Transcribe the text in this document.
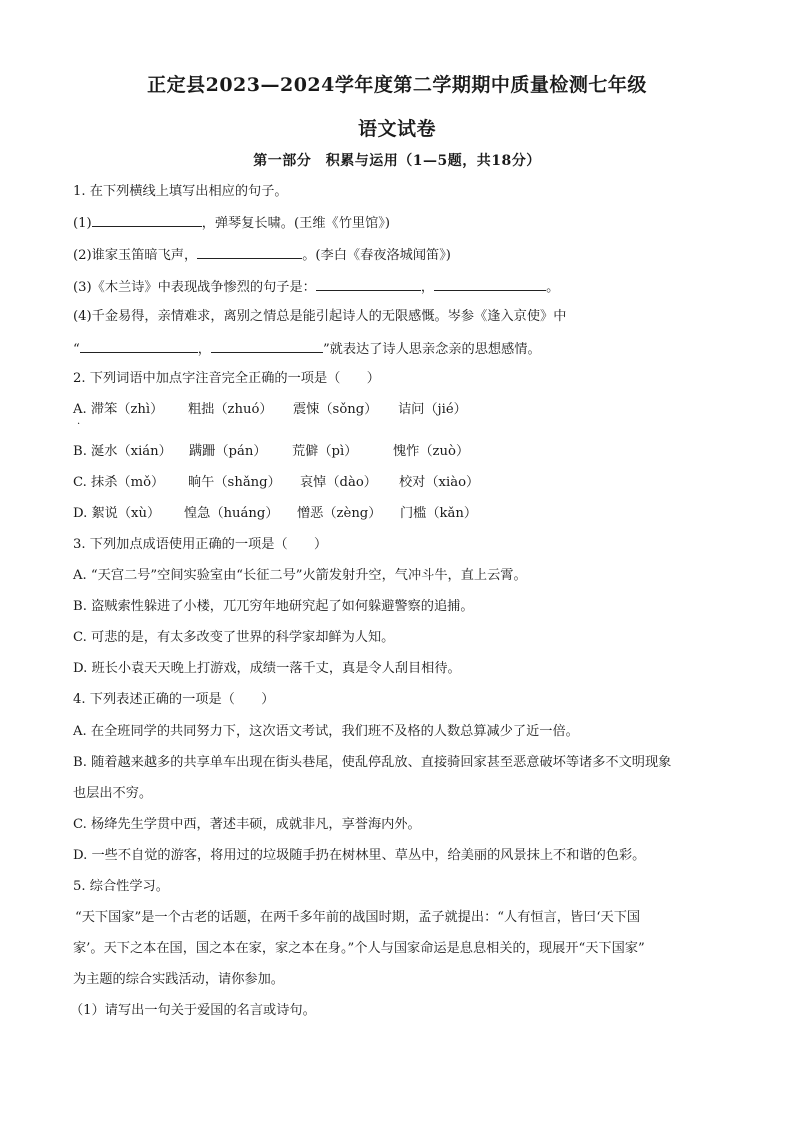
正定县2023—2024学年度第二学期期中质量检测七年级
语文试卷
第一部分　积累与运用（1—5题，共18分）
1. 在下列横线上填写出相应的句子。
(1)	，弹琴复长啸。(王维《竹里馆》)
(2)谁家玉笛暗飞声，	。(李白《春夜洛城闻笛》)
(3)《木兰诗》中表现战争惨烈的句子是：	，	。
(4)千金易得，亲情难求，离别之情总是能引起诗人的无限感慨。岑参《逢入京使》中
“	，	”就表达了诗人思亲念亲的思想感情。
2. 下列词语中加点字注音完全正确的一项是（　　）
A. 滞笨（zhì） 粗拙（zhuó） 震悚（sǒng） 诘问（jié）
.
B. 涎水（xián） 蹒跚（pán） 荒僻（pì）	愧怍（zuò）
C. 抹杀（mǒ） 晌午（shǎng） 哀悼（dào） 校对（xiào）
D. 絮说（xù） 惶急（huáng） 憎恶（zèng） 门槛（kǎn）
3. 下列加点成语使用正确的一项是（　　）
A. “天宫二号”空间实验室由“长征二号”火箭发射升空，气冲斗牛，直上云霄。
B. 盗贼索性躲进了小楼，兀兀穷年地研究起了如何躲避警察的追捕。
C. 可悲的是，有太多改变了世界的科学家却鲜为人知。
D. 班长小袁天天晚上打游戏，成绩一落千丈，真是令人刮目相待。
4. 下列表述正确的一项是（　　）
A. 在全班同学的共同努力下，这次语文考试，我们班不及格的人数总算减少了近一倍。
B. 随着越来越多的共享单车出现在街头巷尾，使乱停乱放、直接骑回家甚至恶意破坏等诸多不文明现象
也层出不穷。
C. 杨绛先生学贯中西，著述丰硕，成就非凡，享誉海内外。
D. 一些不自觉的游客，将用过的垃圾随手扔在树林里、草丛中，给美丽的风景抹上不和谐的色彩。
5. 综合性学习。
“天下国家”是一个古老的话题，在两千多年前的战国时期，孟子就提出：“人有恒言，皆曰‘天下国
家’。天下之本在国，国之本在家，家之本在身。”个人与国家命运是息息相关的，现展开“天下国家”
为主题的综合实践活动，请你参加。
（1）请写出一句关于爱国的名言或诗句。
